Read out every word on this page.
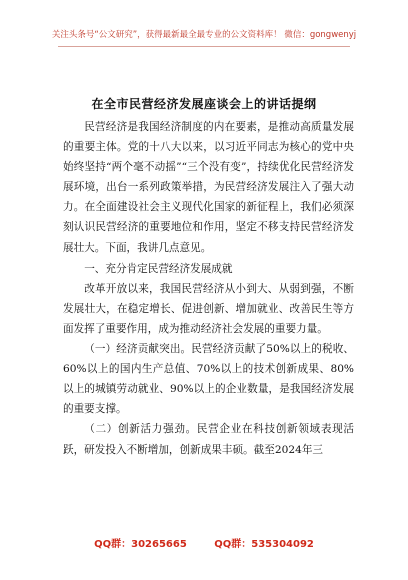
关注头条号“公文研究”，获得最新最全最专业的公文资料库！ 微信：gongwenyj
在全市民营经济发展座谈会上的讲话提纲

民营经济是我国经济制度的内在要素，是推动高质量发展的重要主体。党的十八大以来，以习近平同志为核心的党中央始终坚持“两个毫不动摇”“三个没有变”，持续优化民营经济发展环境，出台一系列政策举措，为民营经济发展注入了强大动力。在全面建设社会主义现代化国家的新征程上，我们必须深刻认识民营经济的重要地位和作用，坚定不移支持民营经济发展壮大。下面，我讲几点意见。

一、充分肯定民营经济发展成就

改革开放以来，我国民营经济从小到大、从弱到强，不断发展壮大，在稳定增长、促进创新、增加就业、改善民生等方面发挥了重要作用，成为推动经济社会发展的重要力量。

（一）经济贡献突出。民营经济贡献了50%以上的税收、60%以上的国内生产总值、70%以上的技术创新成果、80%以上的城镇劳动就业、90%以上的企业数量，是我国经济发展的重要支撑。

（二）创新活力强劲。民营企业在科技创新领域表现活跃，研发投入不断增加，创新成果丰硕。截至2024年三

QQ群：30265665	QQ群：535304092
